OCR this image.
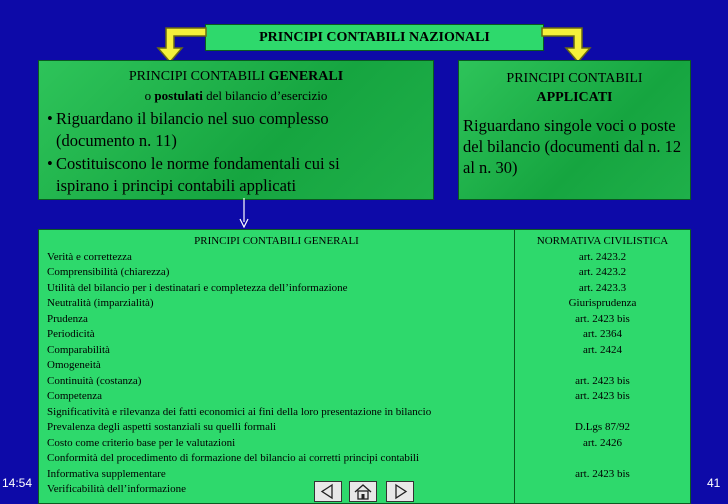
PRINCIPI CONTABILI NAZIONALI
PRINCIPI CONTABILI GENERALI
o postulati del bilancio d’esercizio
• Riguardano il bilancio nel suo complesso
(documento n. 11)
• Costituiscono le norme fondamentali cui si
ispirano i principi contabili applicati
PRINCIPI CONTABILI
APPLICATI
Riguardano singole voci o poste del bilancio (documenti dal n. 12 al n. 30)
PRINCIPI CONTABILI GENERALI
Verità e correttezza
Comprensibilità (chiarezza)
Utilità del bilancio per i destinatari e completezza dell’informazione
Neutralità (imparzialità)
Prudenza
Periodicità
Comparabilità
Omogeneità
Continuità (costanza)
Competenza
Significatività e rilevanza dei fatti economici ai fini della loro presentazione in bilancio
Prevalenza degli aspetti sostanziali su quelli formali
Costo come criterio base per le valutazioni
Conformità del procedimento di formazione del bilancio ai corretti principi contabili
Informativa supplementare
Verificabilità dell’informazione
NORMATIVA CIVILISTICA
art. 2423.2
art. 2423.2
art. 2423.3
Giurisprudenza
art. 2423 bis
art. 2364
art. 2424
art. 2423 bis
art. 2423 bis
D.Lgs 87/92
art. 2426
art. 2423 bis
14:54	41
